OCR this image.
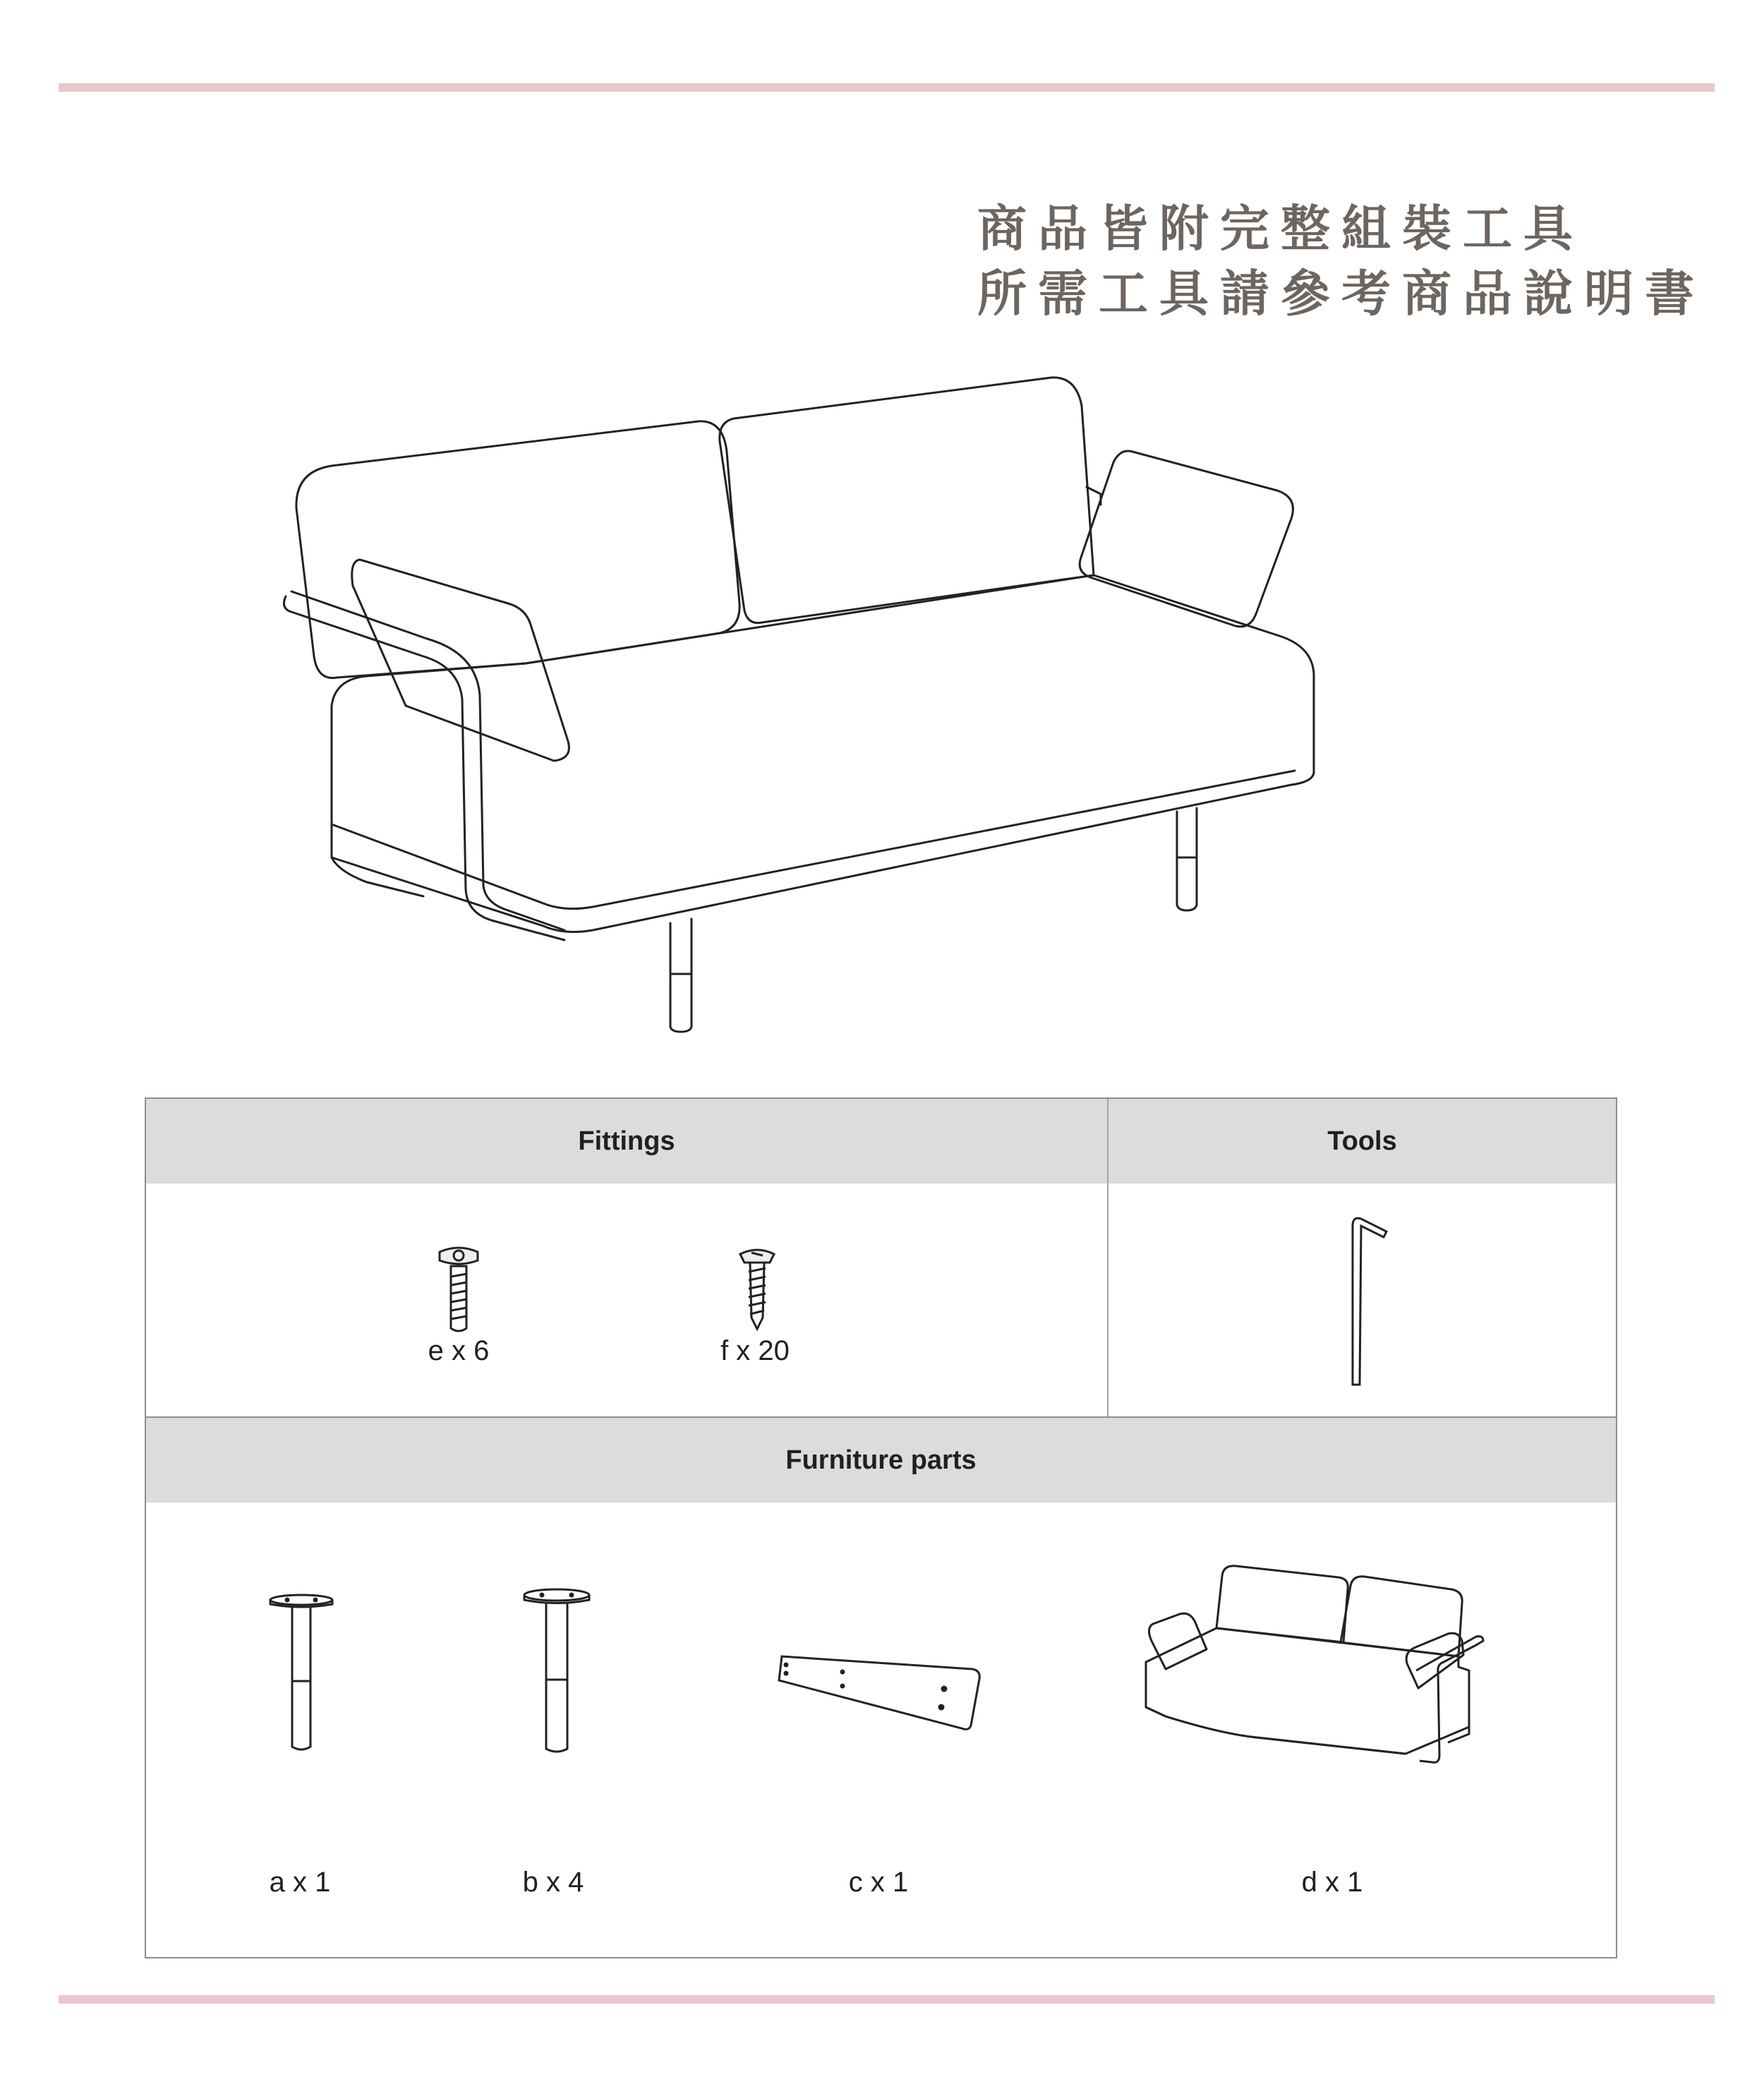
商品皆附完整組裝工具
所需工具請參考商品說明書
Fittings	Tools
Furniture parts
e x 6	f x 20
a x 1	b x 4	c x 1	d x 1
